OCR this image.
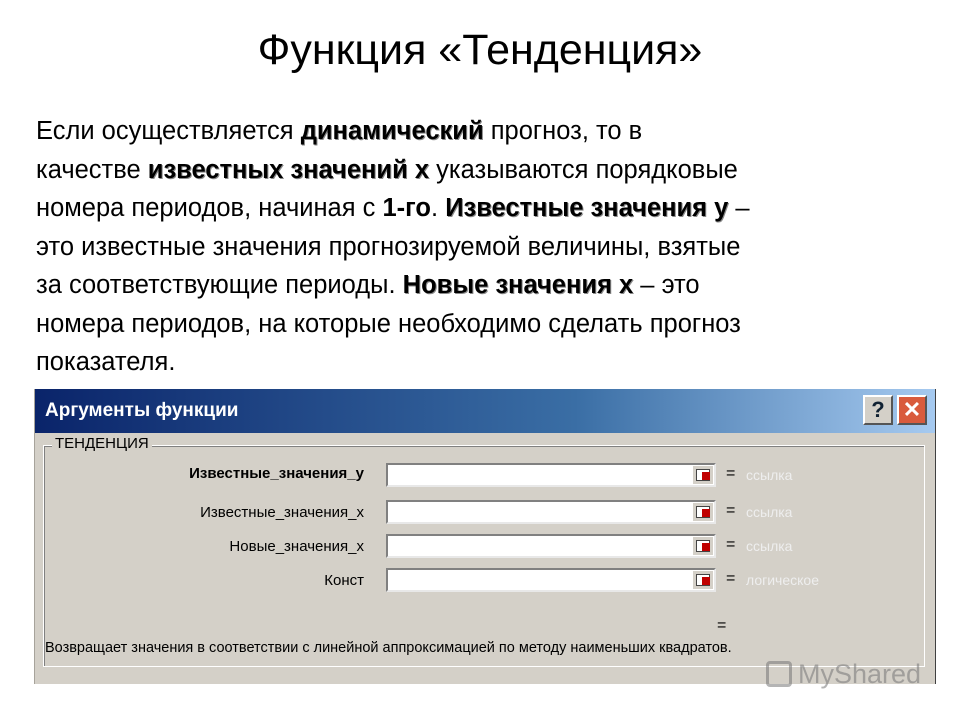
Функция «Тенденция»
Если осуществляется динамический прогноз, то в
качестве известных значений х указываются порядковые
номера периодов, начиная с 1-го. Известные значения у –
это известные значения прогнозируемой величины, взятые
за соответствующие периоды. Новые значения х – это
номера периодов, на которые необходимо сделать прогноз
показателя.
Аргументы функции	? ✕
ТЕНДЕНЦИЯ
Известные_значения_y	= ссылка
Известные_значения_x	= ссылка
Новые_значения_x	= ссылка
Конст	= логическое
=
Возвращает значения в соответствии с линейной аппроксимацией по методу наименьших квадратов.
MyShared
